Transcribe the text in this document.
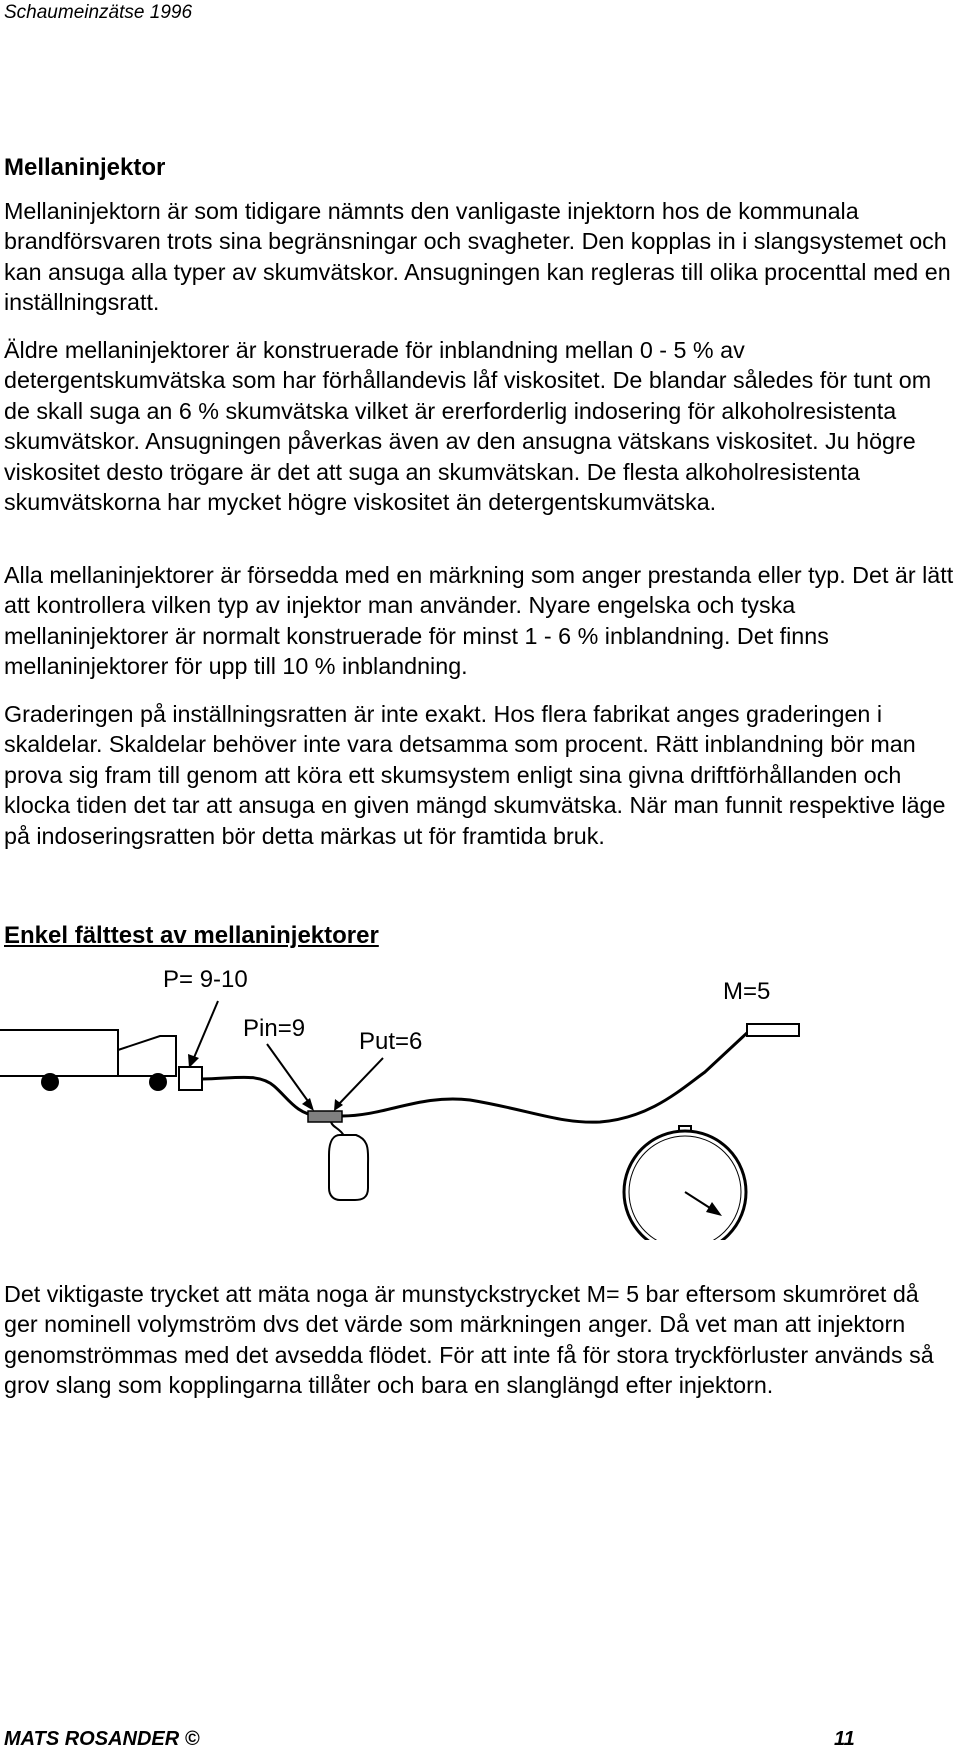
Schaumeinzätse 1996
Mellaninjektor

Mellaninjektorn är som tidigare nämnts den vanligaste injektorn hos de kommunala brandförsvaren trots sina begränsningar och svagheter. Den kopplas in i slangsystemet och kan ansuga alla typer av skumvätskor. Ansugningen kan regleras till olika procenttal med en inställningsratt.

Äldre mellaninjektorer är konstruerade för inblandning mellan 0 - 5 % av detergentskumvätska som har förhållandevis låf viskositet. De blandar således för tunt om de skall suga an 6 % skumvätska vilket är ererforderlig indosering för alkoholresistenta skumvätskor. Ansugningen påverkas även av den ansugna vätskans viskositet. Ju högre viskositet desto trögare är det att suga an skumvätskan. De flesta alkoholresistenta skumvätskorna har mycket högre viskositet än detergentskumvätska.

Alla mellaninjektorer är försedda med en märkning som anger prestanda eller typ. Det är lätt att kontrollera vilken typ av injektor man använder. Nyare engelska och tyska mellaninjektorer är normalt konstruerade för minst 1 - 6 % inblandning. Det finns mellaninjektorer för upp till 10 % inblandning.

Graderingen på inställningsratten är inte exakt. Hos flera fabrikat anges graderingen i skaldelar. Skaldelar behöver inte vara detsamma som procent. Rätt inblandning bör man prova sig fram till genom att köra ett skumsystem enligt sina givna driftförhållanden och klocka tiden det tar att ansuga en given mängd skumvätska. När man funnit respektive läge på indoseringsratten bör detta märkas ut för framtida bruk.

Enkel fälttest av mellaninjektorer
P= 9-10
Pin=9 Put=6
M=5

Det viktigaste trycket att mäta noga är munstyckstrycket M= 5 bar eftersom skumröret då ger nominell volymström dvs det värde som märkningen anger. Då vet man att injektorn genomströmmas med det avsedda flödet. För att inte få för stora tryckförluster används så grov slang som kopplingarna tillåter och bara en slanglängd efter injektorn.

MATS ROSANDER ©	11
